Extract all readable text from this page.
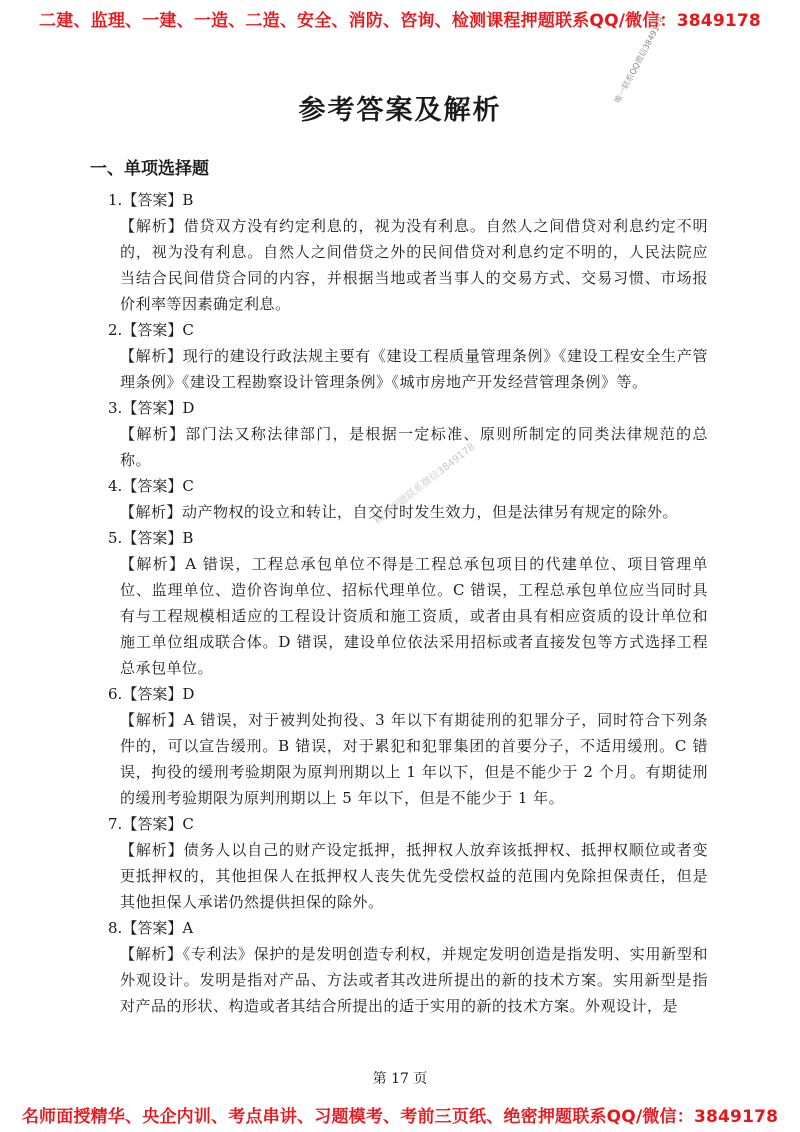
二建、监理、一建、一造、二造、安全、消防、咨询、检测课程押题联系QQ/微信：3849178
唯一联系QQ微信3849178
参考答案及解析
一、单项选择题
1.【答案】B
【解析】借贷双方没有约定利息的，视为没有利息。自然人之间借贷对利息约定不明的，视为没有利息。自然人之间借贷之外的民间借贷对利息约定不明的，人民法院应当结合民间借贷合同的内容，并根据当地或者当事人的交易方式、交易习惯、市场报价利率等因素确定利息。
2.【答案】C
【解析】现行的建设行政法规主要有《建设工程质量管理条例》《建设工程安全生产管理条例》《建设工程勘察设计管理条例》《城市房地产开发经营管理条例》等。
3.【答案】D
【解析】部门法又称法律部门，是根据一定标准、原则所制定的同类法律规范的总称。
4.【答案】C
【解析】动产物权的设立和转让，自交付时发生效力，但是法律另有规定的除外。
5.【答案】B
【解析】A 错误，工程总承包单位不得是工程总承包项目的代建单位、项目管理单位、监理单位、造价咨询单位、招标代理单位。C 错误，工程总承包单位应当同时具有与工程规模相适应的工程设计资质和施工资质，或者由具有相应资质的设计单位和施工单位组成联合体。D 错误，建设单位依法采用招标或者直接发包等方式选择工程总承包单位。
6.【答案】D
【解析】A 错误，对于被判处拘役、3 年以下有期徒刑的犯罪分子，同时符合下列条件的，可以宣告缓刑。B 错误，对于累犯和犯罪集团的首要分子，不适用缓刑。C 错误，拘役的缓刑考验期限为原判刑期以上 1 年以下，但是不能少于 2 个月。有期徒刑的缓刑考验期限为原判刑期以上 5 年以下，但是不能少于 1 年。
7.【答案】C
【解析】债务人以自己的财产设定抵押，抵押权人放弃该抵押权、抵押权顺位或者变更抵押权的，其他担保人在抵押权人丧失优先受偿权益的范围内免除担保责任，但是其他担保人承诺仍然提供担保的除外。
8.【答案】A
【解析】《专利法》保护的是发明创造专利权，并规定发明创造是指发明、实用新型和外观设计。发明是指对产品、方法或者其改进所提出的新的技术方案。实用新型是指对产品的形状、构造或者其结合所提出的适于实用的新的技术方案。外观设计，是
精选押题联系微信3849178
第 17 页
名师面授精华、央企内训、考点串讲、习题模考、考前三页纸、绝密押题联系QQ/微信：3849178
